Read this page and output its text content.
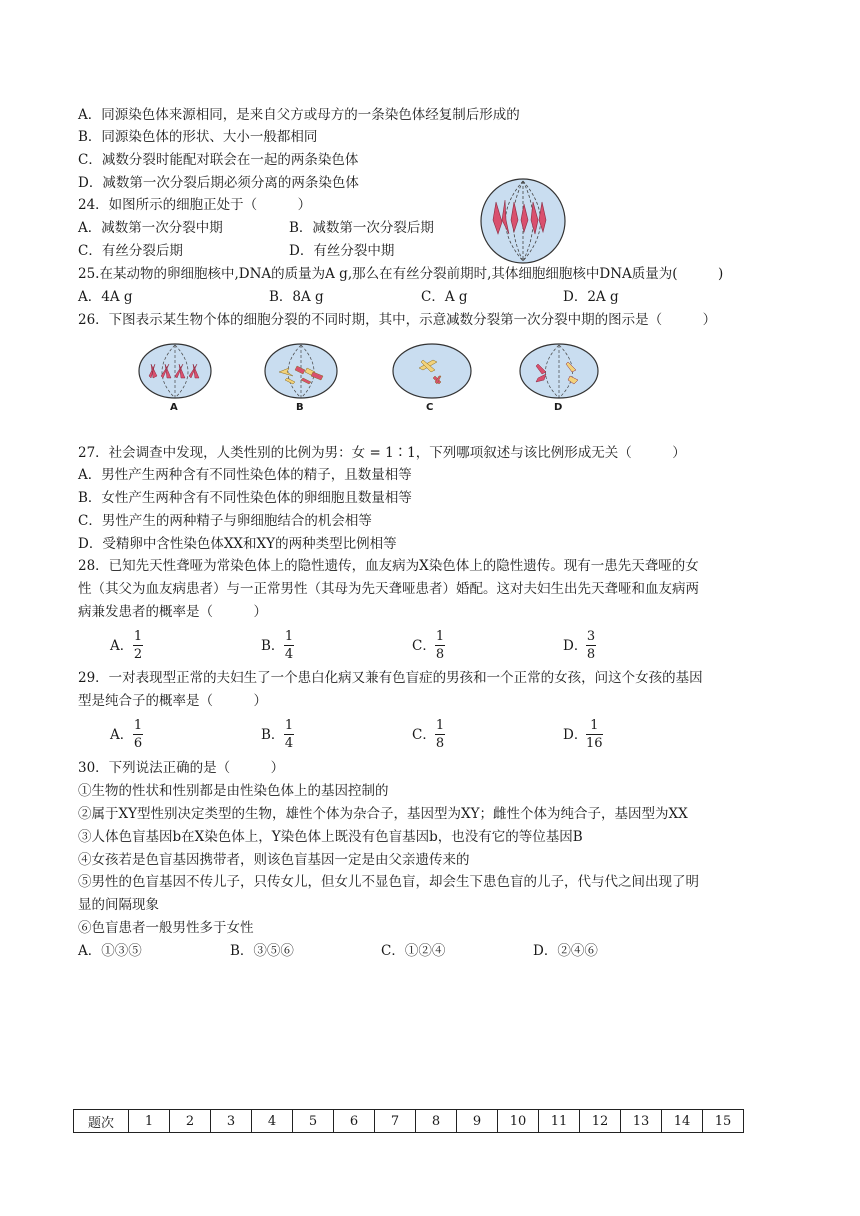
A．同源染色体来源相同，是来自父方或母方的一条染色体经复制后形成的
B．同源染色体的形状、大小一般都相同
C．减数分裂时能配对联会在一起的两条染色体
D．减数第一次分裂后期必须分离的两条染色体
24．如图所示的细胞正处于（　　　）
A．减数第一次分裂中期	B．减数第一次分裂后期
C．有丝分裂后期	D．有丝分裂中期
25.在某动物的卵细胞核中,DNA的质量为A g,那么在有丝分裂前期时,其体细胞细胞核中DNA质量为(　　　)
A．4A g	B．8A g	C．A g	D．2A g
26．下图表示某生物个体的细胞分裂的不同时期，其中，示意减数分裂第一次分裂中期的图示是（　　　）
A	B	C	D
27．社会调查中发现，人类性别的比例为男：女 = 1∶1，下列哪项叙述与该比例形成无关（　　　）
A．男性产生两种含有不同性染色体的精子，且数量相等
B．女性产生两种含有不同性染色体的卵细胞且数量相等
C．男性产生的两种精子与卵细胞结合的机会相等
D．受精卵中含性染色体XX和XY的两种类型比例相等
28．已知先天性聋哑为常染色体上的隐性遗传，血友病为X染色体上的隐性遗传。现有一患先天聋哑的女
性（其父为血友病患者）与一正常男性（其母为先天聋哑患者）婚配。这对夫妇生出先天聋哑和血友病两
病兼发患者的概率是（　　　）
A．
1
2
B．
1
4
C．
1
8
D．
3
8
29．一对表现型正常的夫妇生了一个患白化病又兼有色盲症的男孩和一个正常的女孩，问这个女孩的基因
型是纯合子的概率是（　　　）
A．
1
6
B．
1
4
C．
1
8
D．
1
16
30．下列说法正确的是（　　　）
①生物的性状和性别都是由性染色体上的基因控制的
②属于XY型性别决定类型的生物，雄性个体为杂合子，基因型为XY；雌性个体为纯合子，基因型为XX
③人体色盲基因b在X染色体上，Y染色体上既没有色盲基因b，也没有它的等位基因B
④女孩若是色盲基因携带者，则该色盲基因一定是由父亲遗传来的
⑤男性的色盲基因不传儿子，只传女儿，但女儿不显色盲，却会生下患色盲的儿子，代与代之间出现了明
显的间隔现象
⑥色盲患者一般男性多于女性
A．①③⑤	B．③⑤⑥	C．①②④	D．②④⑥
题次	1	2	3	4	5	6	7	8	9	10	11	12	13	14	15
